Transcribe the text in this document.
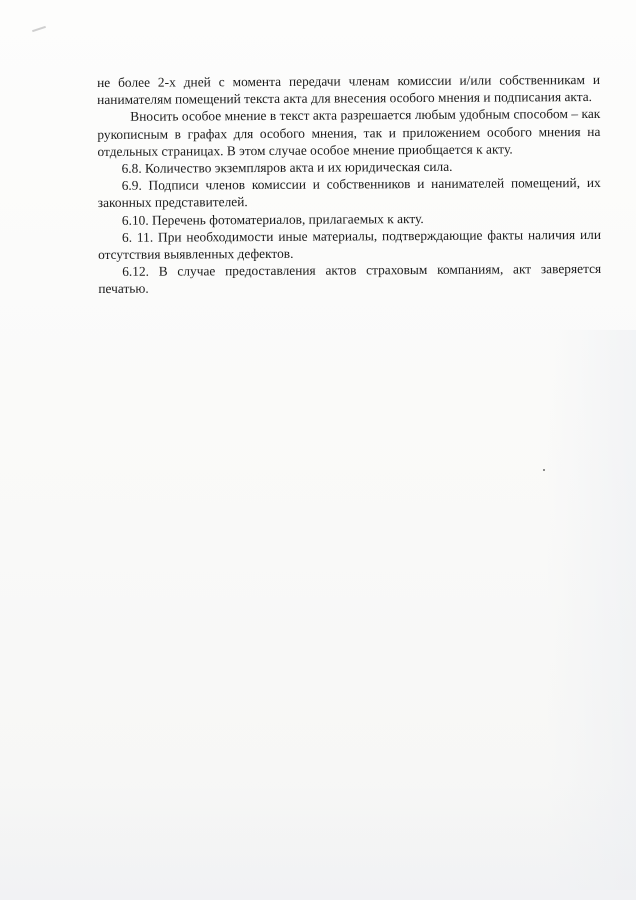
не более 2-х дней с момента передачи членам комиссии и/или собственникам и нанимателям помещений текста акта для внесения особого мнения и подписания акта.

Вносить особое мнение в текст акта разрешается любым удобным способом – как рукописным в графах для особого мнения, так и приложением особого мнения на отдельных страницах. В этом случае особое мнение приобщается к акту.

6.8. Количество экземпляров акта и их юридическая сила.

6.9. Подписи членов комиссии и собственников и нанимателей помещений, их законных представителей.

6.10. Перечень фотоматериалов, прилагаемых к акту.

6. 11. При необходимости иные материалы, подтверждающие факты наличия или отсутствия выявленных дефектов.

6.12. В случае предоставления актов страховым компаниям, акт заверяется печатью.
